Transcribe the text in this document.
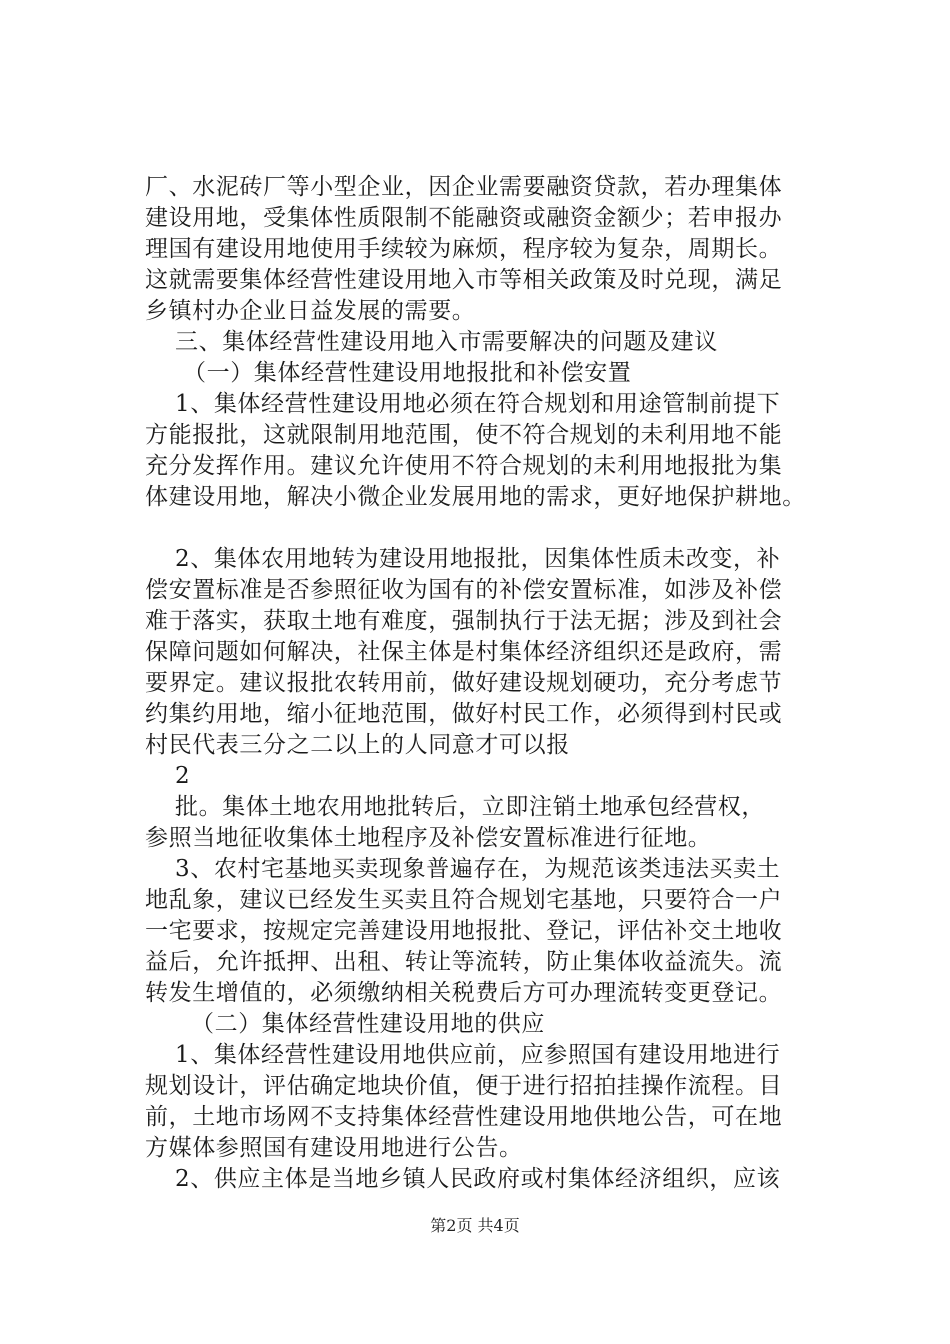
厂、水泥砖厂等小型企业，因企业需要融资贷款，若办理集体
建设用地，受集体性质限制不能融资或融资金额少；若申报办
理国有建设用地使用手续较为麻烦，程序较为复杂，周期长。
这就需要集体经营性建设用地入市等相关政策及时兑现，满足
乡镇村办企业日益发展的需要。
三、集体经营性建设用地入市需要解决的问题及建议
（一）集体经营性建设用地报批和补偿安置
1、集体经营性建设用地必须在符合规划和用途管制前提下
方能报批，这就限制用地范围，使不符合规划的未利用地不能
充分发挥作用。建议允许使用不符合规划的未利用地报批为集
体建设用地，解决小微企业发展用地的需求，更好地保护耕地。
2、集体农用地转为建设用地报批，因集体性质未改变，补
偿安置标准是否参照征收为国有的补偿安置标准，如涉及补偿
难于落实，获取土地有难度，强制执行于法无据；涉及到社会
保障问题如何解决，社保主体是村集体经济组织还是政府，需
要界定。建议报批农转用前，做好建设规划硬功，充分考虑节
约集约用地，缩小征地范围，做好村民工作，必须得到村民或
村民代表三分之二以上的人同意才可以报
2
批。集体土地农用地批转后，立即注销土地承包经营权，
参照当地征收集体土地程序及补偿安置标准进行征地。
3、农村宅基地买卖现象普遍存在，为规范该类违法买卖土
地乱象，建议已经发生买卖且符合规划宅基地，只要符合一户
一宅要求，按规定完善建设用地报批、登记，评估补交土地收
益后，允许抵押、出租、转让等流转，防止集体收益流失。流
转发生增值的，必须缴纳相关税费后方可办理流转变更登记。
（二）集体经营性建设用地的供应
1、集体经营性建设用地供应前，应参照国有建设用地进行
规划设计，评估确定地块价值，便于进行招拍挂操作流程。目
前，土地市场网不支持集体经营性建设用地供地公告，可在地
方媒体参照国有建设用地进行公告。
2、供应主体是当地乡镇人民政府或村集体经济组织，应该
第2页 共4页
